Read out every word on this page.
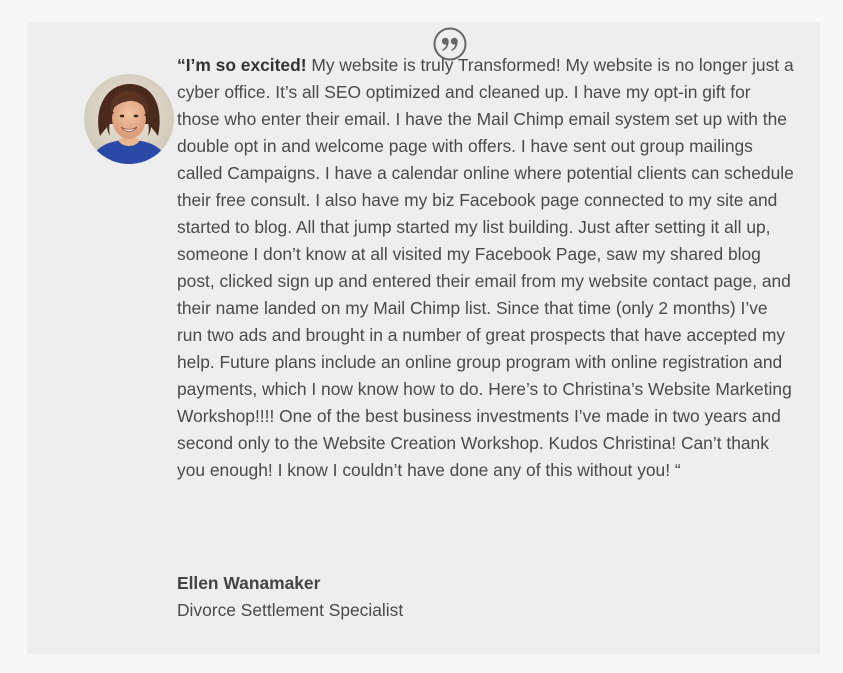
“I’m so excited! My website is truly Transformed! My website is no longer just a cyber office. It’s all SEO optimized and cleaned up. I have my opt-in gift for those who enter their email. I have the Mail Chimp email system set up with the double opt in and welcome page with offers. I have sent out group mailings called Campaigns. I have a calendar online where potential clients can schedule their free consult. I also have my biz Facebook page connected to my site and started to blog. All that jump started my list building. Just after setting it all up, someone I don’t know at all visited my Facebook Page, saw my shared blog post, clicked sign up and entered their email from my website contact page, and their name landed on my Mail Chimp list. Since that time (only 2 months) I’ve run two ads and brought in a number of great prospects that have accepted my help. Future plans include an online group program with online registration and payments, which I now know how to do. Here’s to Christina’s Website Marketing Workshop!!!! One of the best business investments I’ve made in two years and second only to the Website Creation Workshop. Kudos Christina! Can’t thank you enough! I know I couldn’t have done any of this without you! “

Ellen Wanamaker
Divorce Settlement Specialist
